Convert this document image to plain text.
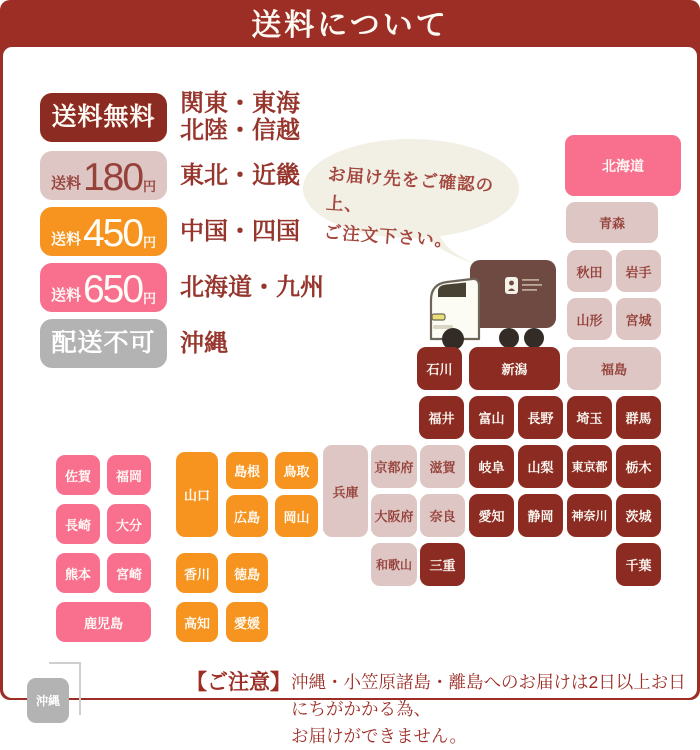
送料について
送料無料	関東・東海
北陸・信越
送料 180 円 東北・近畿
送料 450 円 中国・四国
送料 650 円 北海道・九州
配送不可	沖縄
お届け先をご確認の上、
ご注文下さい。
北海道
青森
秋田	岩手
山形	宮城
石川	新潟	福島
福井	富山	長野	埼玉	群馬
兵庫
京都府	滋賀	岐阜	山梨	東京都	栃木
大阪府	奈良	愛知	静岡	神奈川	茨城
和歌山	三重	千葉
佐賀	福岡
長崎	大分
熊本	宮崎
鹿児島
山口
島根	鳥取
広島	岡山
香川	徳島
高知	愛媛
沖縄
【ご注意】 沖縄・小笠原諸島・離島へのお届けは2日以上お日にちがかかる為、
お届けができません。
